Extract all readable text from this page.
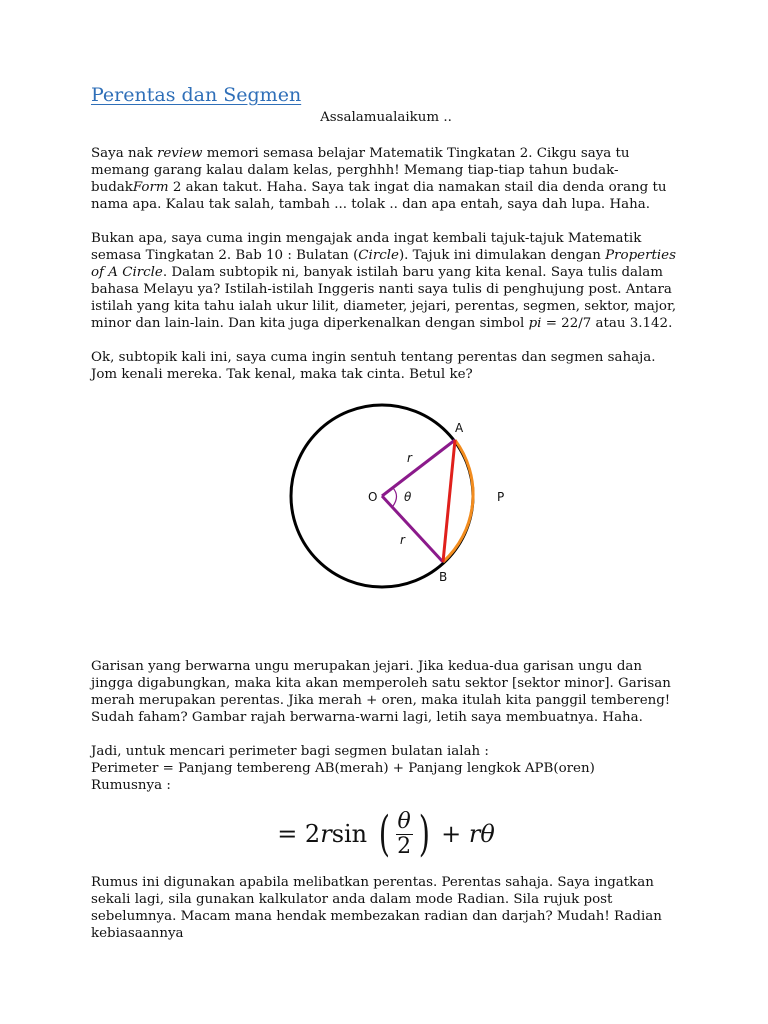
Perentas dan Segmen
Assalamualaikum ..

Saya nak review memori semasa belajar Matematik Tingkatan 2. Cikgu saya tu memang garang kalau dalam kelas, perghhh! Memang tiap-tiap tahun budak-budakForm 2 akan takut. Haha. Saya tak ingat dia namakan stail dia denda orang tu nama apa. Kalau tak salah, tambah ... tolak .. dan apa entah, saya dah lupa. Haha.

Bukan apa, saya cuma ingin mengajak anda ingat kembali tajuk-tajuk Matematik semasa Tingkatan 2. Bab 10 : Bulatan (Circle). Tajuk ini dimulakan dengan Properties of A Circle. Dalam subtopik ni, banyak istilah baru yang kita kenal. Saya tulis dalam bahasa Melayu ya? Istilah-istilah Inggeris nanti saya tulis di penghujung post. Antara istilah yang kita tahu ialah ukur lilit, diameter, jejari, perentas, segmen, sektor, major, minor dan lain-lain. Dan kita juga diperkenalkan dengan simbol pi = 22/7 atau 3.142.

Ok, subtopik kali ini, saya cuma ingin sentuh tentang perentas dan segmen sahaja. Jom kenali mereka. Tak kenal, maka tak cinta. Betul ke?

A
B
O	P
r
r
θ

Garisan yang berwarna ungu merupakan jejari. Jika kedua-dua garisan ungu dan jingga digabungkan, maka kita akan memperoleh satu sektor [sektor minor]. Garisan merah merupakan perentas. Jika merah + oren, maka itulah kita panggil tembereng! Sudah faham? Gambar rajah berwarna-warni lagi, letih saya membuatnya. Haha.

Jadi, untuk mencari perimeter bagi segmen bulatan ialah :

Perimeter = Panjang tembereng AB(merah) + Panjang lengkok APB(oren)

Rumusnya :

= 2 r sin
( $\frac{\theta}{2}$ ) + r θ

Rumus ini digunakan apabila melibatkan perentas. Perentas sahaja. Saya ingatkan sekali lagi, sila gunakan kalkulator anda dalam mode Radian. Sila rujuk post sebelumnya. Macam mana hendak membezakan radian dan darjah? Mudah! Radian kebiasaannya
